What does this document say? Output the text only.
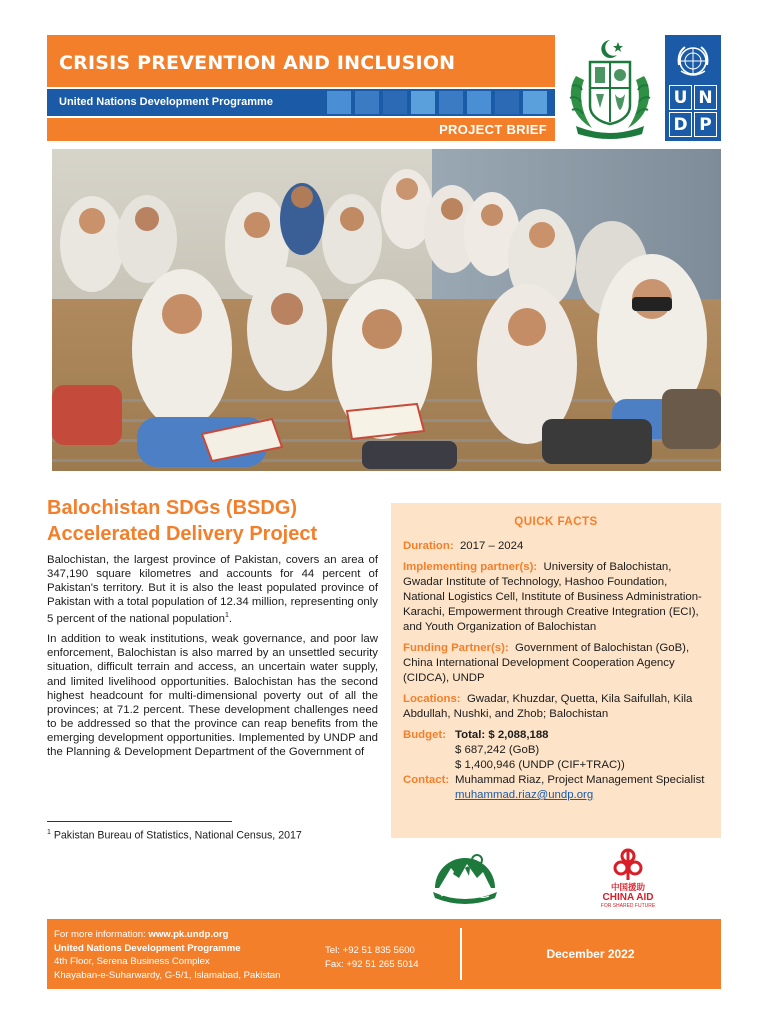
CRISIS PREVENTION AND INCLUSION
United Nations Development Programme
PROJECT BRIEF
U N
D P
Balochistan SDGs (BSDG)
Accelerated Delivery Project

Balochistan, the largest province of Pakistan, covers an area of 347,190 square kilometres and accounts for 44 percent of Pakistan's territory. But it is also the least populated province of Pakistan with a total population of 12.34 million, representing only 5 percent of the national population$^1$.

In addition to weak institutions, weak governance, and poor law enforcement, Balochistan is also marred by an unsettled security situation, difficult terrain and access, an uncertain water supply, and limited livelihood opportunities. Balochistan has the second highest headcount for multi-dimensional poverty out of all the provinces; at 71.2 percent. These development challenges need to be addressed so that the province can reap benefits from the emerging development opportunities. Implemented by UNDP and the Planning & Development Department of the Government of

$^1$ Pakistan Bureau of Statistics, National Census, 2017
QUICK FACTS
Duration: 2017 – 2024
Implementing partner(s): University of Balochistan, Gwadar Institute of Technology, Hashoo Foundation, National Logistics Cell, Institute of Business Administration-Karachi, Empowerment through Creative Integration (ECI), and Youth Organization of Balochistan
Funding Partner(s): Government of Balochistan (GoB), China International Development Cooperation Agency (CIDCA), UNDP
Locations: Gwadar, Khuzdar, Quetta, Kila Saifullah, Kila Abdullah, Nushki, and Zhob; Balochistan
Budget: Total: $ 2,088,188
$ 687,242 (GoB)
$ 1,400,946 (UNDP (CIF+TRAC))
Contact: Muhammad Riaz, Project Management Specialist muhammad.riaz@undp.org
中国援助
CHINA AID
FOR SHARED FUTURE
For more information: www.pk.undp.org
United Nations Development Programme
4th Floor, Serena Business Complex
Khayaban-e-Suharwardy, G-5/1, Islamabad, Pakistan
Tel: +92 51 835 5600
Fax: +92 51 265 5014
December 2022
